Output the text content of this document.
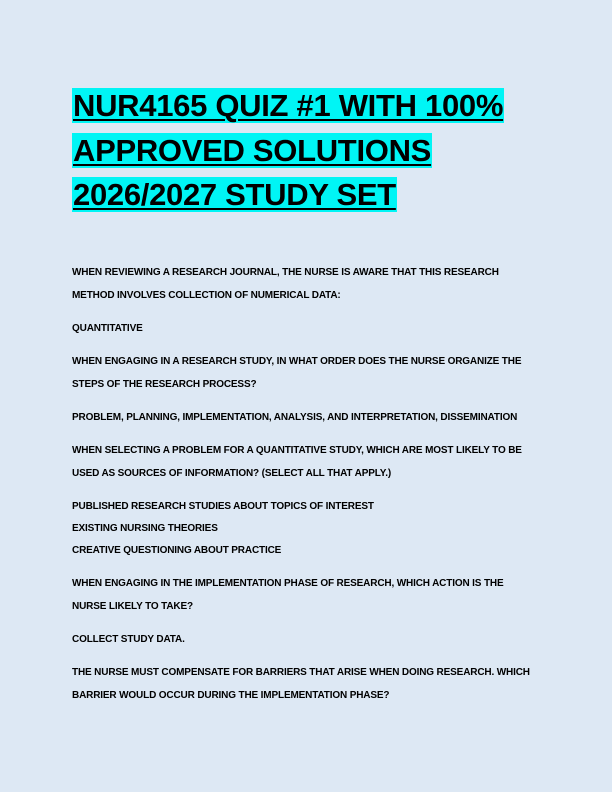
NUR4165 QUIZ #1 WITH 100%
APPROVED SOLUTIONS
2026/2027 STUDY SET
WHEN REVIEWING A RESEARCH JOURNAL, THE NURSE IS AWARE THAT THIS RESEARCH
METHOD INVOLVES COLLECTION OF NUMERICAL DATA:
QUANTITATIVE
WHEN ENGAGING IN A RESEARCH STUDY, IN WHAT ORDER DOES THE NURSE ORGANIZE THE
STEPS OF THE RESEARCH PROCESS?
PROBLEM, PLANNING, IMPLEMENTATION, ANALYSIS, AND INTERPRETATION, DISSEMINATION
WHEN SELECTING A PROBLEM FOR A QUANTITATIVE STUDY, WHICH ARE MOST LIKELY TO BE
USED AS SOURCES OF INFORMATION? (SELECT ALL THAT APPLY.)
PUBLISHED RESEARCH STUDIES ABOUT TOPICS OF INTEREST
EXISTING NURSING THEORIES
CREATIVE QUESTIONING ABOUT PRACTICE
WHEN ENGAGING IN THE IMPLEMENTATION PHASE OF RESEARCH, WHICH ACTION IS THE
NURSE LIKELY TO TAKE?
COLLECT STUDY DATA.
THE NURSE MUST COMPENSATE FOR BARRIERS THAT ARISE WHEN DOING RESEARCH. WHICH
BARRIER WOULD OCCUR DURING THE IMPLEMENTATION PHASE?
